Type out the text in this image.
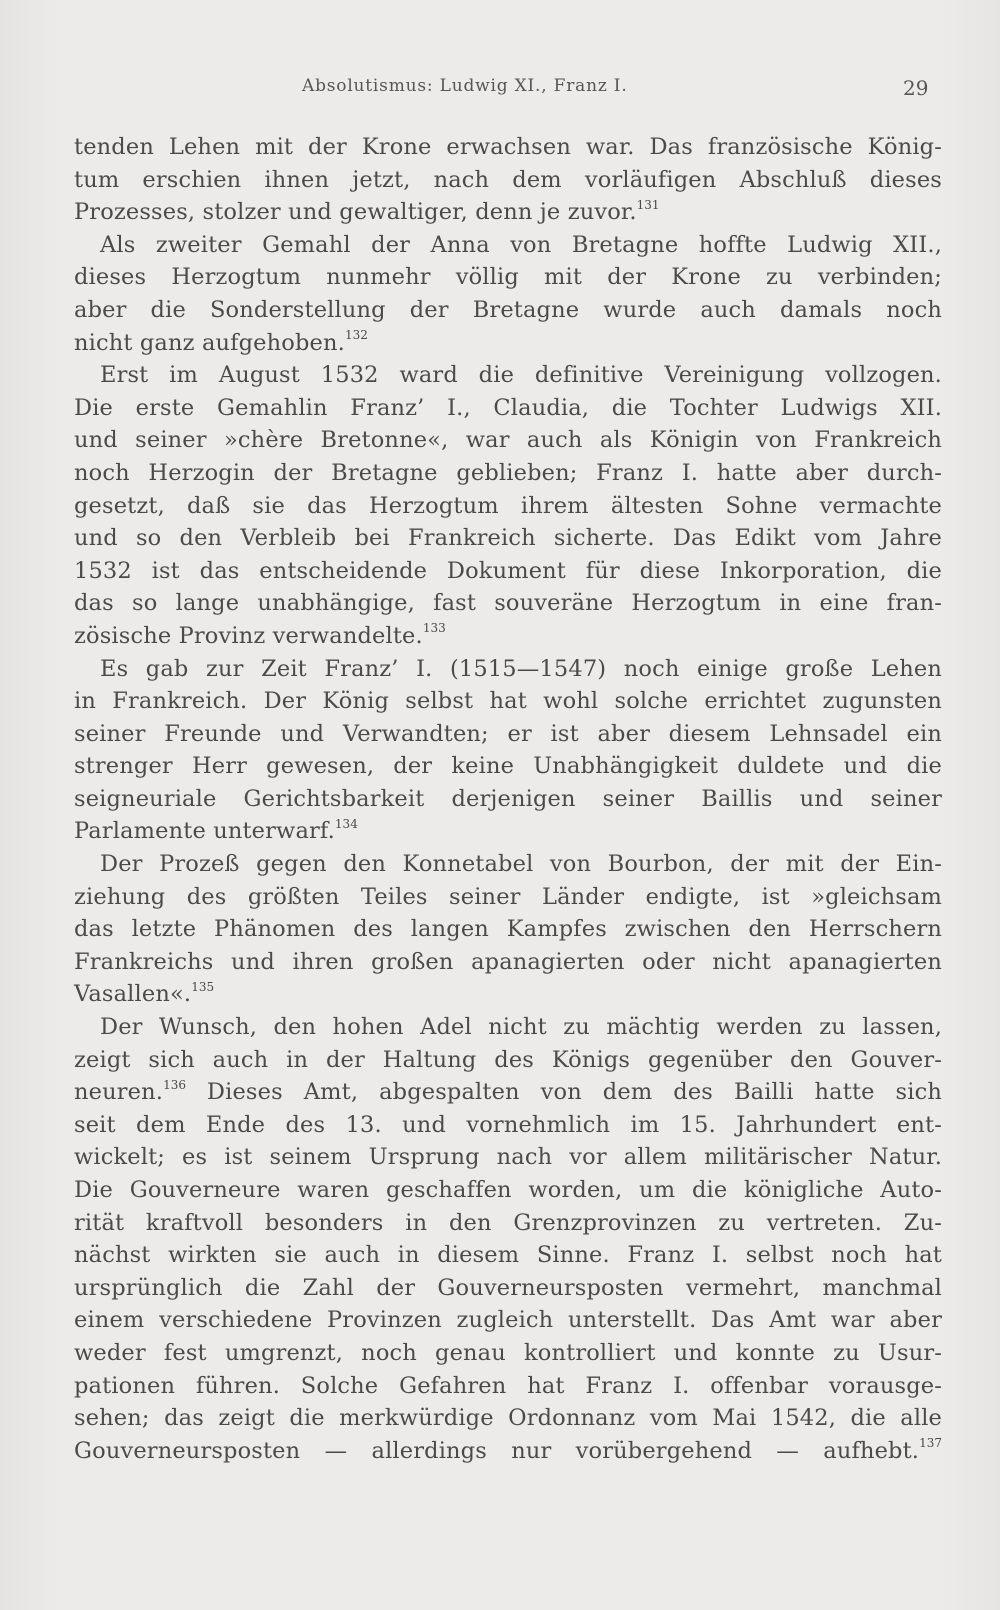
Absolutismus: Ludwig XI., Franz I.	29
tenden Lehen mit der Krone erwachsen war. Das französische König-
tum erschien ihnen jetzt, nach dem vorläufigen Abschluß dieses
Prozesses, stolzer und gewaltiger, denn je zuvor.$^{131}$
Als zweiter Gemahl der Anna von Bretagne hoffte Ludwig XII.,
dieses Herzogtum nunmehr völlig mit der Krone zu verbinden;
aber die Sonderstellung der Bretagne wurde auch damals noch
nicht ganz aufgehoben.$^{132}$
Erst im August 1532 ward die definitive Vereinigung vollzogen.
Die erste Gemahlin Franz’ I., Claudia, die Tochter Ludwigs XII.
und seiner »chère Bretonne«, war auch als Königin von Frankreich
noch Herzogin der Bretagne geblieben; Franz I. hatte aber durch-
gesetzt, daß sie das Herzogtum ihrem ältesten Sohne vermachte
und so den Verbleib bei Frankreich sicherte. Das Edikt vom Jahre
1532 ist das entscheidende Dokument für diese Inkorporation, die
das so lange unabhängige, fast souveräne Herzogtum in eine fran-
zösische Provinz verwandelte.$^{133}$
Es gab zur Zeit Franz’ I. (1515—1547) noch einige große Lehen
in Frankreich. Der König selbst hat wohl solche errichtet zugunsten
seiner Freunde und Verwandten; er ist aber diesem Lehnsadel ein
strenger Herr gewesen, der keine Unabhängigkeit duldete und die
seigneuriale Gerichtsbarkeit derjenigen seiner Baillis und seiner
Parlamente unterwarf.$^{134}$
Der Prozeß gegen den Konnetabel von Bourbon, der mit der Ein-
ziehung des größten Teiles seiner Länder endigte, ist »gleichsam
das letzte Phänomen des langen Kampfes zwischen den Herrschern
Frankreichs und ihren großen apanagierten oder nicht apanagierten
Vasallen«.$^{135}$
Der Wunsch, den hohen Adel nicht zu mächtig werden zu lassen,
zeigt sich auch in der Haltung des Königs gegenüber den Gouver-
neuren.$^{136}$ Dieses Amt, abgespalten von dem des Bailli hatte sich
seit dem Ende des 13. und vornehmlich im 15. Jahrhundert ent-
wickelt; es ist seinem Ursprung nach vor allem militärischer Natur.
Die Gouverneure waren geschaffen worden, um die königliche Auto-
rität kraftvoll besonders in den Grenzprovinzen zu vertreten. Zu-
nächst wirkten sie auch in diesem Sinne. Franz I. selbst noch hat
ursprünglich die Zahl der Gouverneursposten vermehrt, manchmal
einem verschiedene Provinzen zugleich unterstellt. Das Amt war aber
weder fest umgrenzt, noch genau kontrolliert und konnte zu Usur-
pationen führen. Solche Gefahren hat Franz I. offenbar vorausge-
sehen; das zeigt die merkwürdige Ordonnanz vom Mai 1542, die alle
Gouverneursposten — allerdings nur vorübergehend — aufhebt.$^{137}$
